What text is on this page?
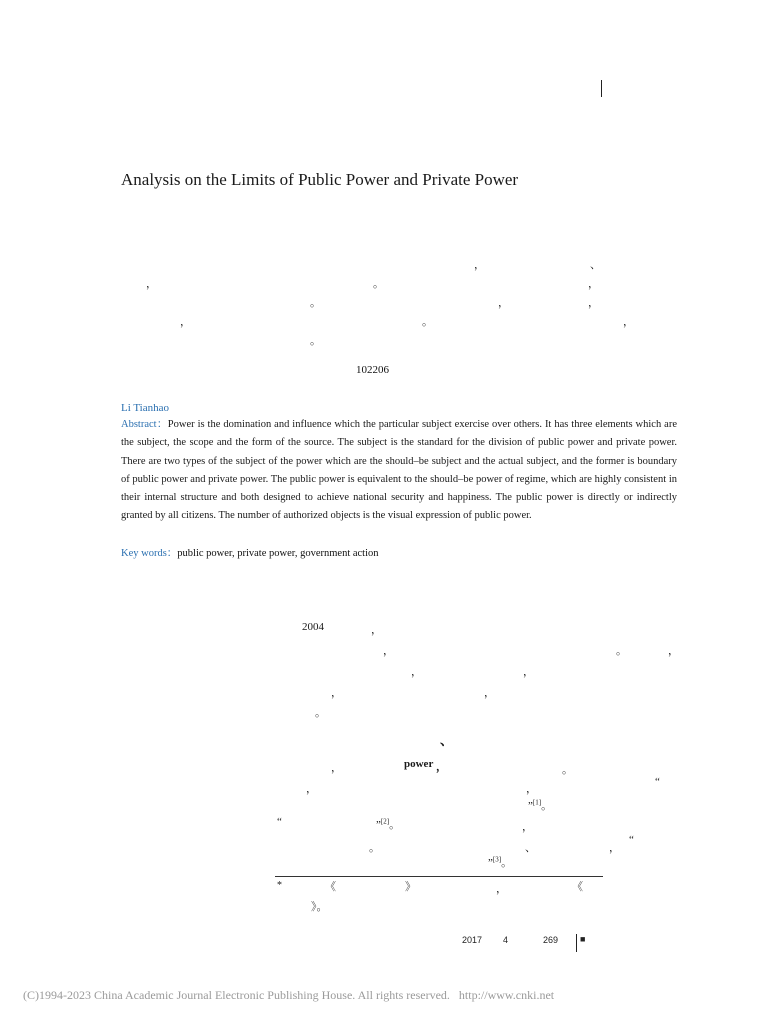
Analysis on the Limits of Public Power and Private Power
，	、
，	。	，
。	，	，
，	。	，
。
102206
Li Tianhao
Abstract：Power is the domination and influence which the particular subject exercise over others. It has three elements which are the subject, the scope and the form of the source. The subject is the standard for the division of public power and private power. There are two types of the subject of the power which are the should–be subject and the actual subject, and the former is boundary of public power and private power. The public power is equivalent to the should–be power of regime, which are highly consistent in their internal structure and both designed to achieve national security and happiness. The public power is directly or indirectly granted by all citizens. The number of authorized objects is the visual expression of public power.
Key words：public power, private power, government action
2004	，
，	。	，
，	，
，	，
。
、
，	power ，	。
，	，
“
”[1]。
“	”[2]。	，
。	、	，
“
”[3]。
*	《	》	，	《
》。
2017 4	269 ■
(C)1994-2023 China Academic Journal Electronic Publishing House. All rights reserved. http://www.cnki.net
